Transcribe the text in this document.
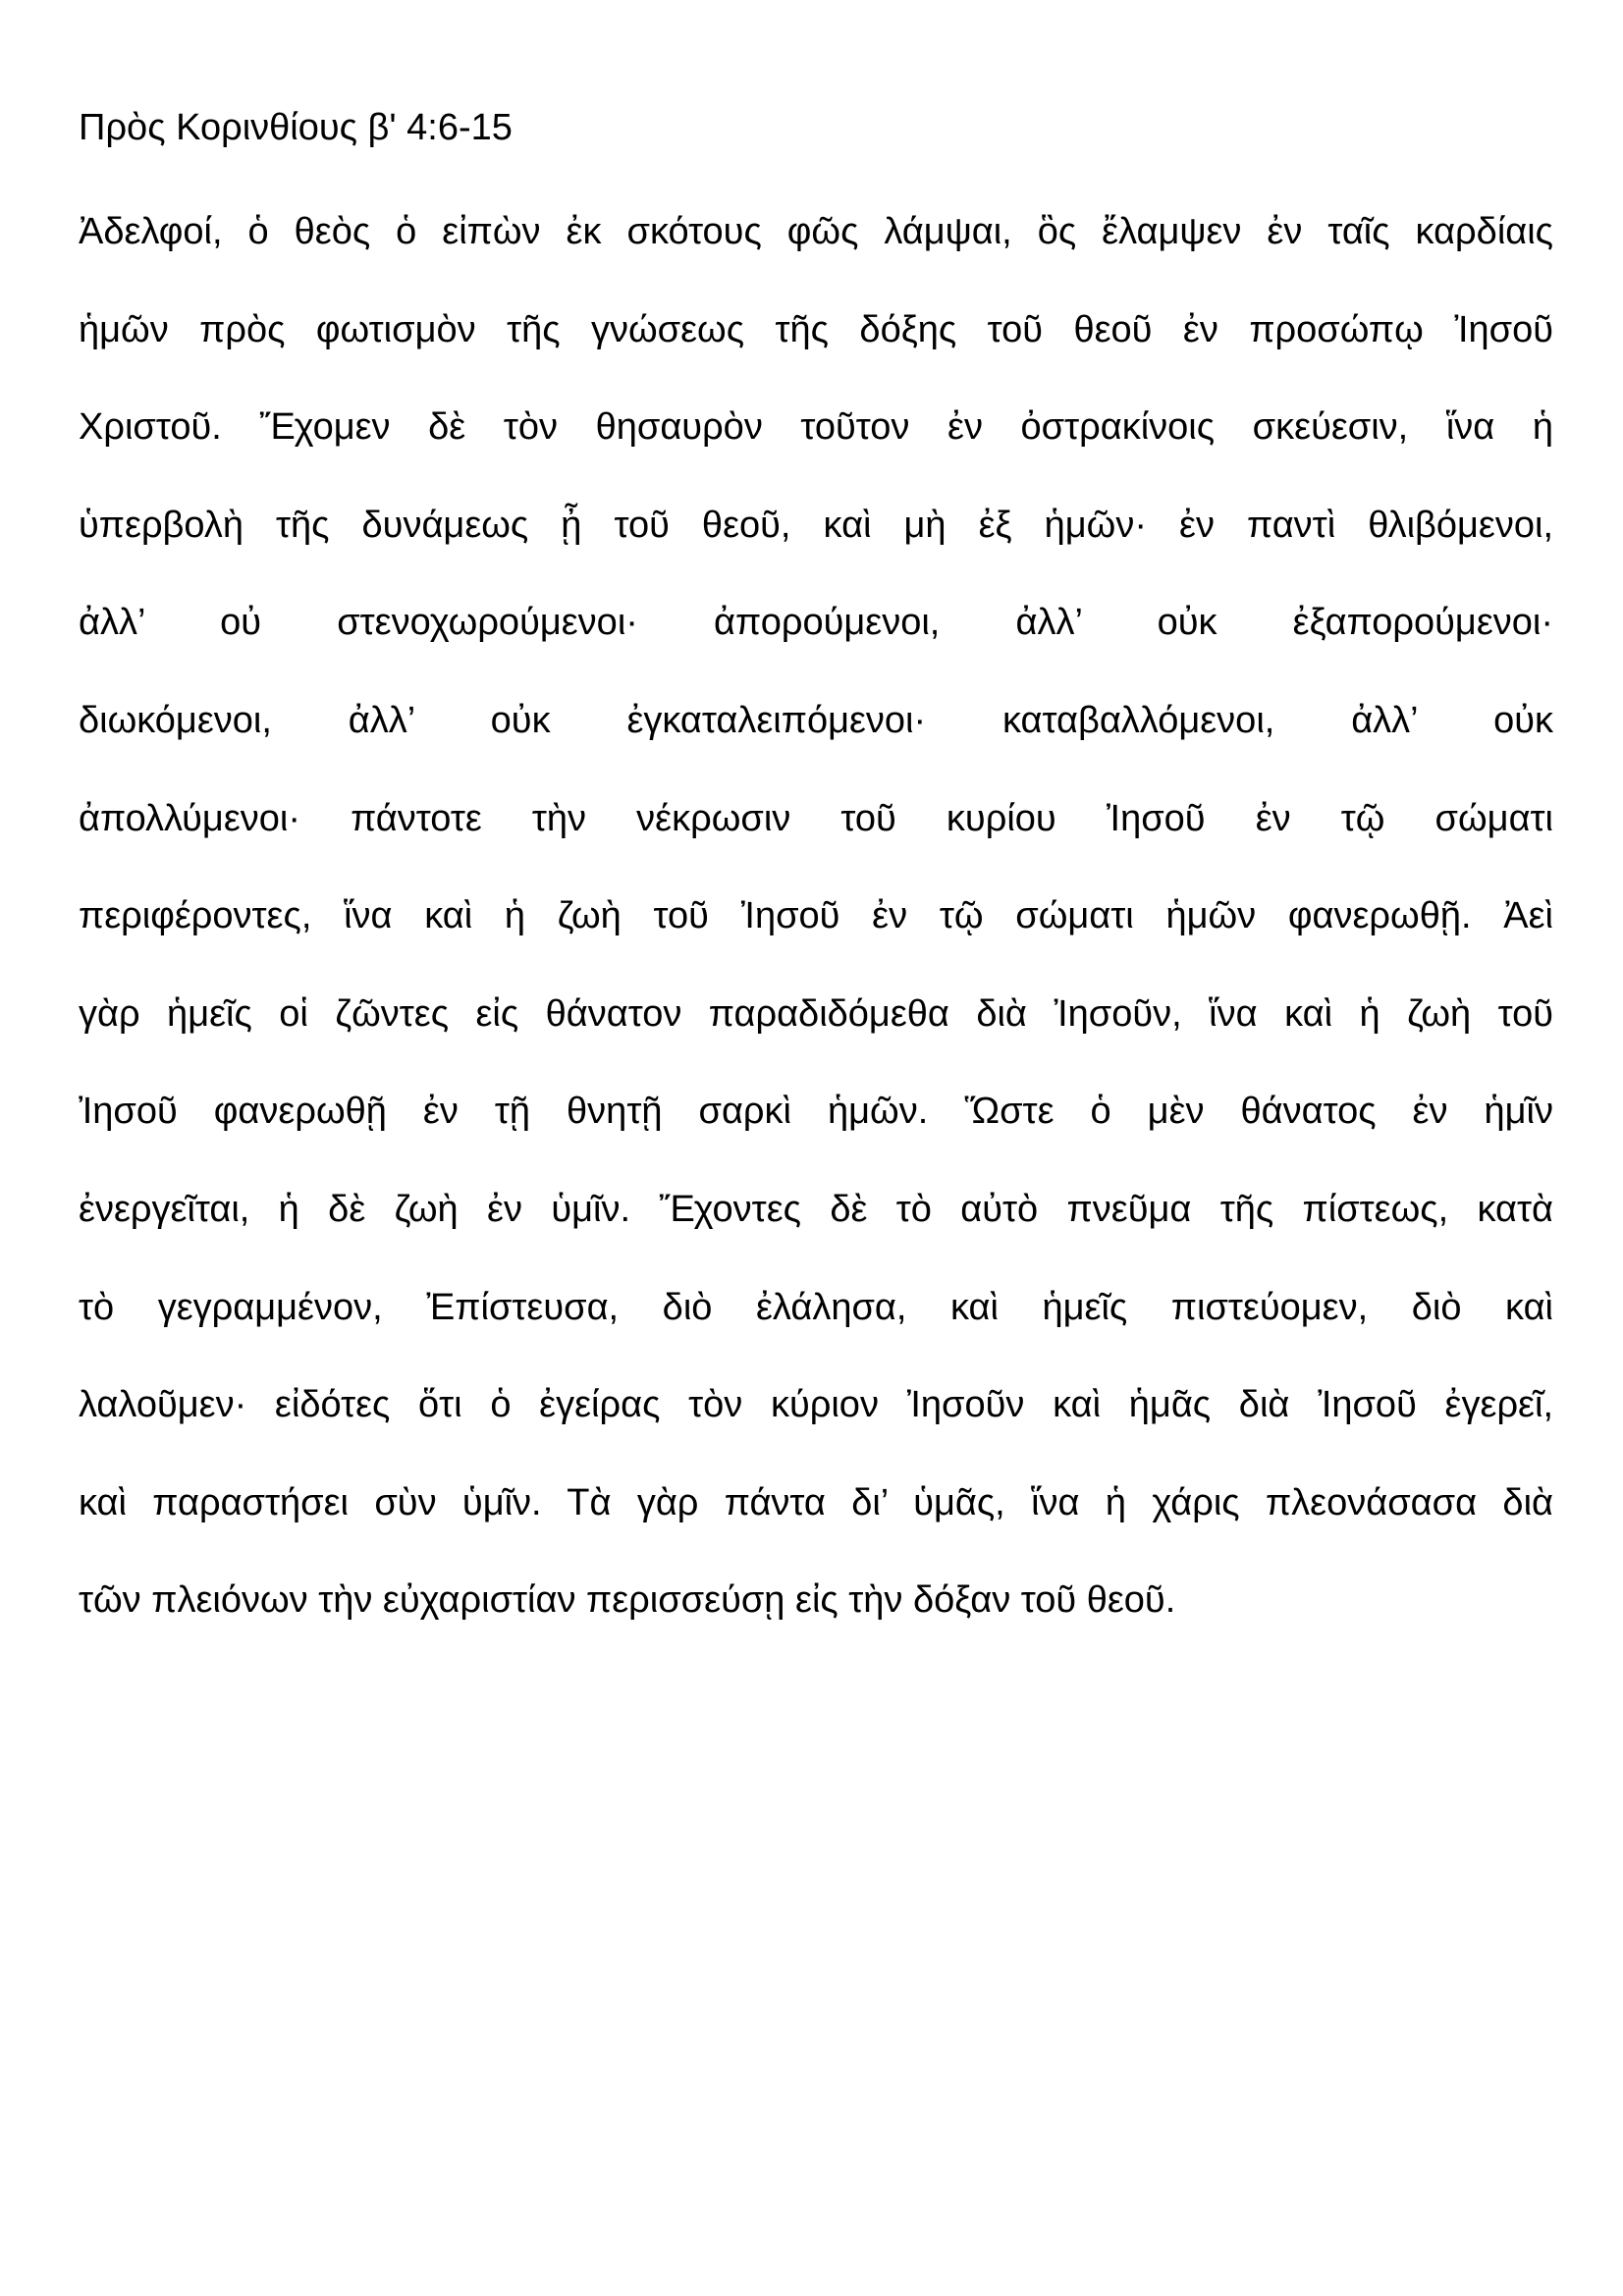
Πρὸς Κορινθίους β' 4:6-15
Ἀδελφοί, ὁ θεὸς ὁ εἰπὼν ἐκ σκότους φῶς λάμψαι, ὃς ἔλαμψεν ἐν ταῖς καρδίαις
ἡμῶν πρὸς φωτισμὸν τῆς γνώσεως τῆς δόξης τοῦ θεοῦ ἐν προσώπῳ Ἰησοῦ
Χριστοῦ. Ἔχομεν δὲ τὸν θησαυρὸν τοῦτον ἐν ὀστρακίνοις σκεύεσιν, ἵνα ἡ
ὑπερβολὴ τῆς δυνάμεως ᾖ τοῦ θεοῦ, καὶ μὴ ἐξ ἡμῶν· ἐν παντὶ θλιβόμενοι,
ἀλλ’ οὐ στενοχωρούμενοι· ἀπορούμενοι, ἀλλ’ οὐκ ἐξαπορούμενοι·
διωκόμενοι, ἀλλ’ οὐκ ἐγκαταλειπόμενοι· καταβαλλόμενοι, ἀλλ’ οὐκ
ἀπολλύμενοι· πάντοτε τὴν νέκρωσιν τοῦ κυρίου Ἰησοῦ ἐν τῷ σώματι
περιφέροντες, ἵνα καὶ ἡ ζωὴ τοῦ Ἰησοῦ ἐν τῷ σώματι ἡμῶν φανερωθῇ. Ἀεὶ
γὰρ ἡμεῖς οἱ ζῶντες εἰς θάνατον παραδιδόμεθα διὰ Ἰησοῦν, ἵνα καὶ ἡ ζωὴ τοῦ
Ἰησοῦ φανερωθῇ ἐν τῇ θνητῇ σαρκὶ ἡμῶν. Ὥστε ὁ μὲν θάνατος ἐν ἡμῖν
ἐνεργεῖται, ἡ δὲ ζωὴ ἐν ὑμῖν. Ἔχοντες δὲ τὸ αὐτὸ πνεῦμα τῆς πίστεως, κατὰ
τὸ γεγραμμένον, Ἐπίστευσα, διὸ ἐλάλησα, καὶ ἡμεῖς πιστεύομεν, διὸ καὶ
λαλοῦμεν· εἰδότες ὅτι ὁ ἐγείρας τὸν κύριον Ἰησοῦν καὶ ἡμᾶς διὰ Ἰησοῦ ἐγερεῖ,
καὶ παραστήσει σὺν ὑμῖν. Τὰ γὰρ πάντα δι’ ὑμᾶς, ἵνα ἡ χάρις πλεονάσασα διὰ
τῶν πλειόνων τὴν εὐχαριστίαν περισσεύσῃ εἰς τὴν δόξαν τοῦ θεοῦ.
